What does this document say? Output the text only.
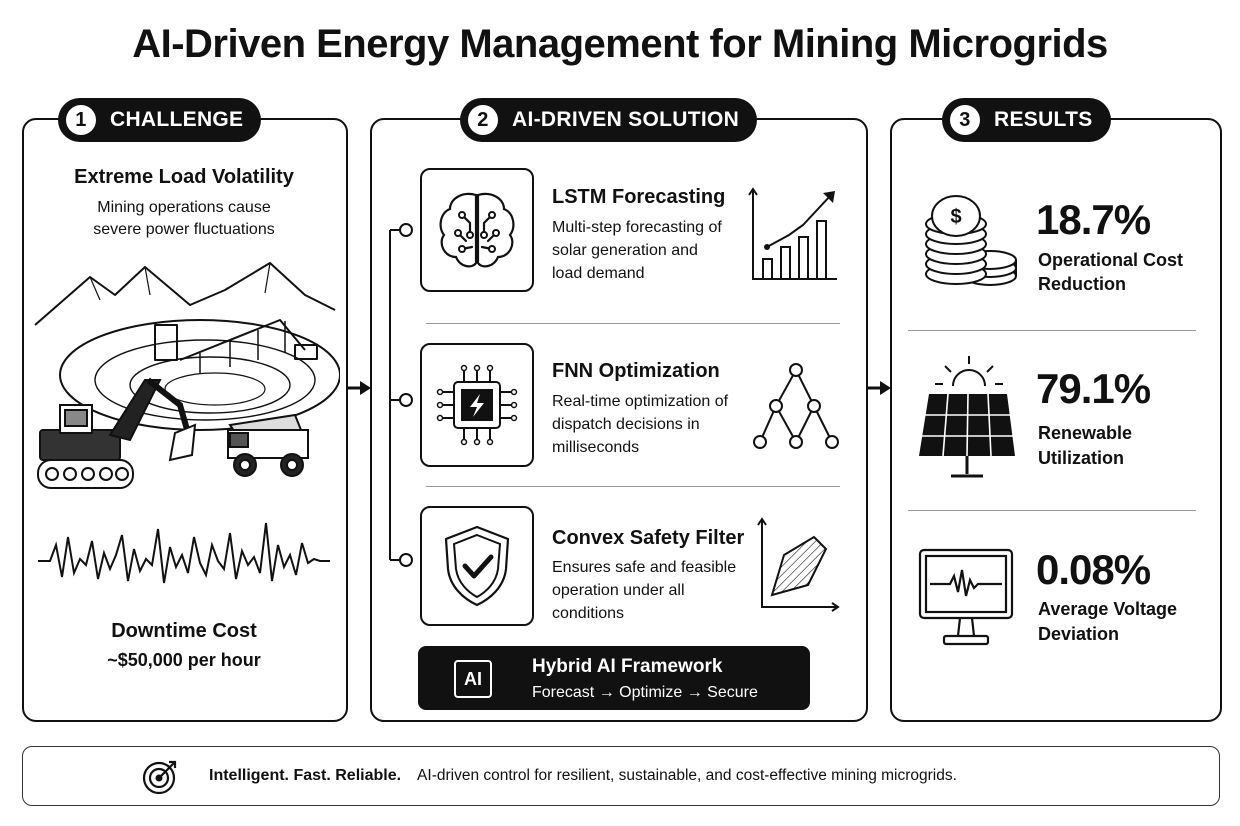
AI-Driven Energy Management for Mining Microgrids
1	CHALLENGE
Extreme Load Volatility
Mining operations cause
severe power fluctuations
Downtime Cost
~$50,000 per hour
2	AI-DRIVEN SOLUTION
LSTM Forecasting
Multi-step forecasting of
solar generation and
load demand
FNN Optimization
Real-time optimization of
dispatch decisions in
milliseconds
Convex Safety Filter
Ensures safe and feasible
operation under all
conditions
AI
Hybrid AI Framework
Forecast → Optimize → Secure
3	RESULTS
$ 18.7%
Operational Cost
Reduction
79.1%
Renewable
Utilization
0.08%
Average Voltage
Deviation
Intelligent. Fast. Reliable. AI-driven control for resilient, sustainable, and cost-effective mining microgrids.
